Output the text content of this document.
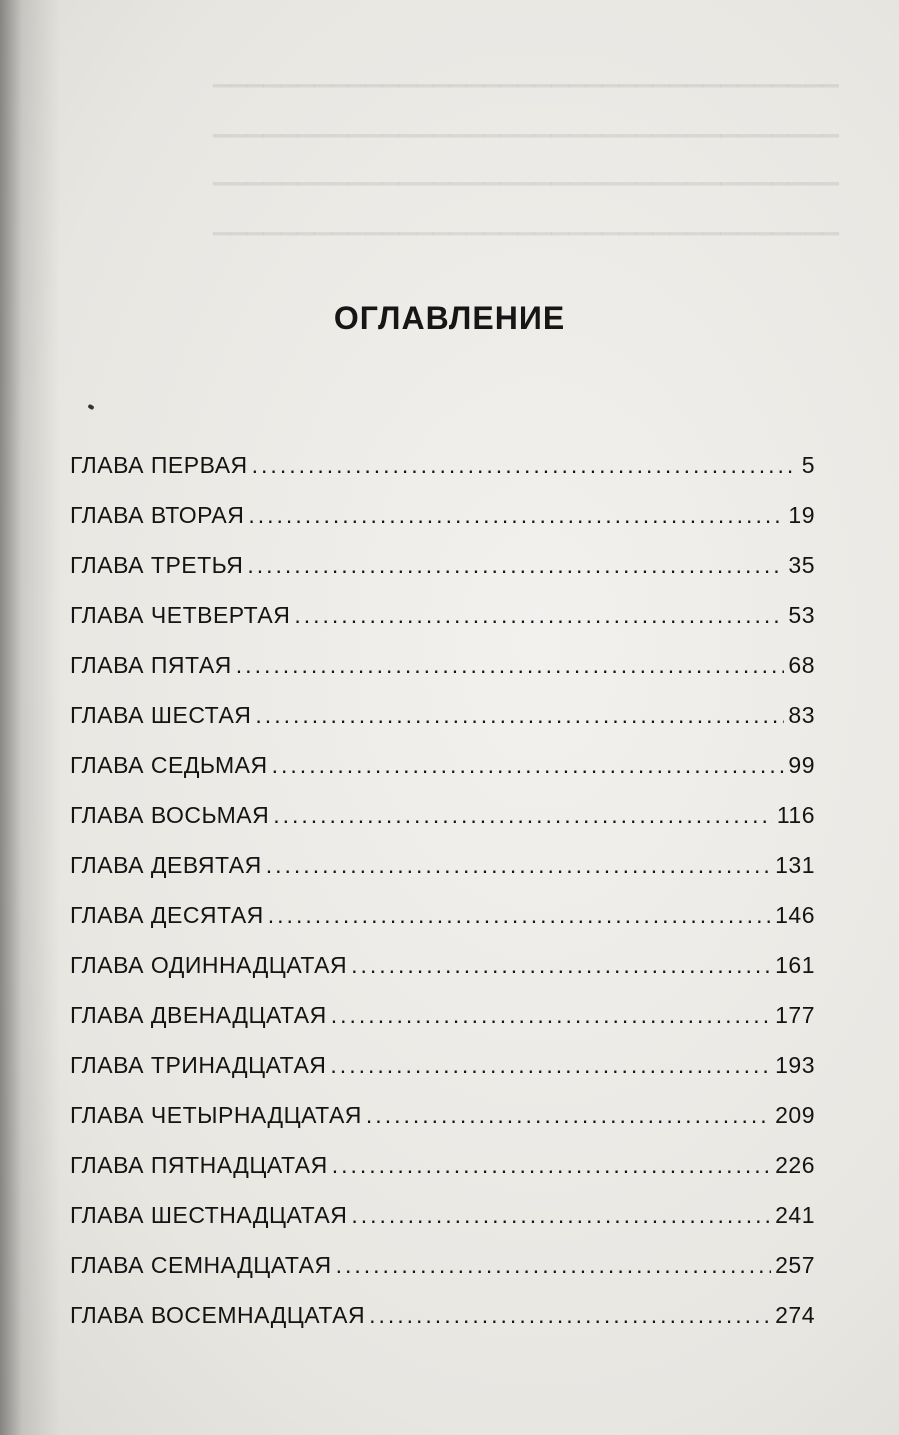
▁▁▁▁▁▁▁▁▁▁▁▁▁▁▁▁▁▁▁▁▁▁▁▁▁▁▁▁▁▁▁▁▁▁▁▁▁
▁▁▁▁▁▁▁▁▁▁▁▁▁▁▁▁▁▁▁▁▁▁▁▁▁▁▁▁▁▁▁▁▁▁▁▁▁
▁▁▁▁▁▁▁▁▁▁▁▁▁▁▁▁▁▁▁▁▁▁▁▁▁▁▁▁▁▁▁▁▁▁▁▁▁
▁▁▁▁▁▁▁▁▁▁▁▁▁▁▁▁▁▁▁▁▁▁▁▁▁▁▁▁▁▁▁▁▁▁▁▁▁
ОГЛАВЛЕНИЕ
ГЛАВА ПЕРВАЯ .....	5
ГЛАВА ВТОРАЯ .....	19
ГЛАВА ТРЕТЬЯ .....	35
ГЛАВА ЧЕТВЕРТАЯ .....	53
ГЛАВА ПЯТАЯ .....	68
ГЛАВА ШЕСТАЯ .....	83
ГЛАВА СЕДЬМАЯ .....	99
ГЛАВА ВОСЬМАЯ .....	116
ГЛАВА ДЕВЯТАЯ .....	131
ГЛАВА ДЕСЯТАЯ .....	146
ГЛАВА ОДИННАДЦАТАЯ .....	161
ГЛАВА ДВЕНАДЦАТАЯ .....	177
ГЛАВА ТРИНАДЦАТАЯ .....	193
ГЛАВА ЧЕТЫРНАДЦАТАЯ .....	209
ГЛАВА ПЯТНАДЦАТАЯ .....	226
ГЛАВА ШЕСТНАДЦАТАЯ .....	241
ГЛАВА СЕМНАДЦАТАЯ .....	257
ГЛАВА ВОСЕМНАДЦАТАЯ .....	274
